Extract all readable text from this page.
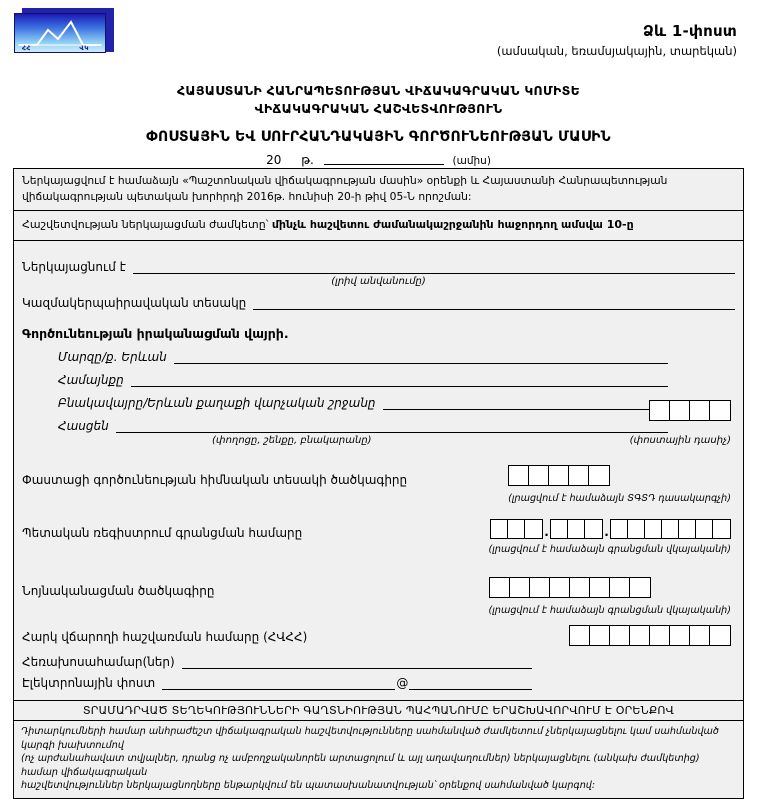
ՀՀ	ՎԿ
Ձև 1-փոստ
(ամսական, եռամսյակային, տարեկան)
ՀԱՅԱՍՏԱՆԻ ՀԱՆՐԱՊԵՏՈՒԹՅԱՆ ՎԻՃԱԿԱԳՐԱԿԱՆ ԿՈՄԻՏԵ
ՎԻՃԱԿԱԳՐԱԿԱՆ ՀԱՇՎԵՏՎՈՒԹՅՈՒՆ
ՓՈՍՏԱՅԻՆ ԵՎ ՍՈՒՐՀԱՆԴԱԿԱՅԻՆ ԳՈՐԾՈՒՆԵՈՒԹՅԱՆ ՄԱՍԻՆ
20 թ.	(ամիս)
Ներկայացվում է համաձայն «Պաշտոնական վիճակագրության մասին» օրենքի և Հայաստանի Հանրապետության վիճակագրության պետական խորհրդի 2016թ. հունիսի 20-ի թիվ 05-Ն որոշման:
Հաշվետվության ներկայացման ժամկետը՝ մինչև հաշվետու ժամանակաշրջանին հաջորդող ամսվա 10-ը
Ներկայացնում է
(լրիվ անվանումը)
Կազմակերպաիրավական տեսակը
Գործունեության իրականացման վայրի.
Մարզը/ք. Երևան
Համայնքը
Բնակավայրը/Երևան քաղաքի վարչական շրջանը
Հասցեն
(փողոցը, շենքը, բնակարանը)	(փոստային դասիչ)
Փաստացի գործունեության հիմնական տեսակի ծածկագիրը
(լրացվում է համաձայն ՏԳՏԴ դասակարգչի)
Պետական ռեգիստրում գրանցման համարը	.	.
(լրացվում է համաձայն գրանցման վկայականի)
Նոյնականացման ծածկագիրը
(լրացվում է համաձայն գրանցման վկայականի)
Հարկ վճարողի հաշվառման համարը (ՀՎՀՀ)
Հեռախոսահամար(ներ)
Էլեկտրոնային փոստ	@
ՏՐԱՄԱԴՐՎԱԾ ՏԵՂԵԿՈՒԹՅՈՒՆՆԵՐԻ ԳԱՂՏՆԻՈՒԹՅԱՆ ՊԱՀՊԱՆՈՒՄԸ ԵՐԱՇԽԱՎՈՐՎՈՒՄ Է ՕՐԵՆՔՈՎ
Դիտարկումների համար անհրաժեշտ վիճակագրական հաշվետվությունները սահմանված ժամկետում չներկայացնելու կամ սահմանված կարգի խախտումով
(ոչ արժանահավատ տվյալներ, դրանց ոչ ամբողջականորեն արտացոլում և այլ աղավաղումներ) ներկայացնելու (անկախ ժամկետից) համար վիճակագրական
հաշվետվություններ ներկայացնողները ենթարկվում են պատասխանատվության՝ օրենքով սահմանված կարգով:
